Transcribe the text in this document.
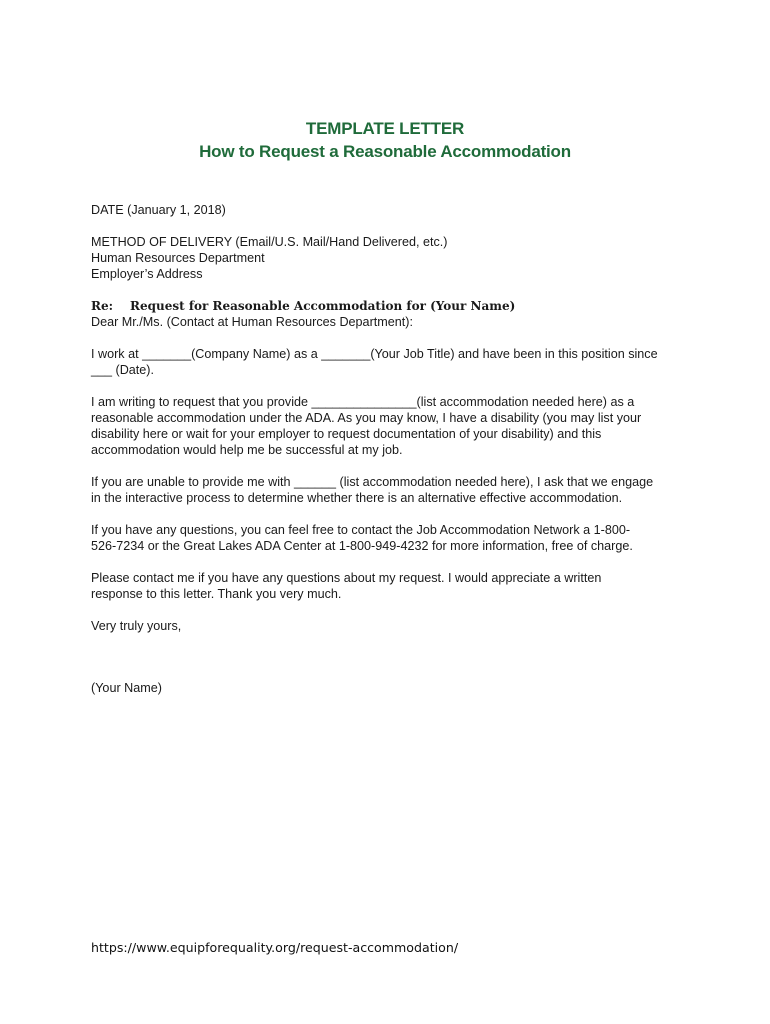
TEMPLATE LETTER
How to Request a Reasonable Accommodation

DATE (January 1, 2018)

METHOD OF DELIVERY (Email/U.S. Mail/Hand Delivered, etc.)

Human Resources Department

Employer’s Address

Re: Request for Reasonable Accommodation for (Your Name)

Dear Mr./Ms. (Contact at Human Resources Department):

I work at _______(Company Name) as a _______(Your Job Title) and have been in this position since

___ (Date).

I am writing to request that you provide _______________(list accommodation needed here) as a

reasonable accommodation under the ADA. As you may know, I have a disability (you may list your

disability here or wait for your employer to request documentation of your disability) and this

accommodation would help me be successful at my job.

If you are unable to provide me with ______ (list accommodation needed here), I ask that we engage

in the interactive process to determine whether there is an alternative effective accommodation.

If you have any questions, you can feel free to contact the Job Accommodation Network a 1-800-

526-7234 or the Great Lakes ADA Center at 1-800-949-4232 for more information, free of charge.

Please contact me if you have any questions about my request. I would appreciate a written

response to this letter. Thank you very much.

Very truly yours,

(Your Name)

https://www.equipforequality.org/request-accommodation/
